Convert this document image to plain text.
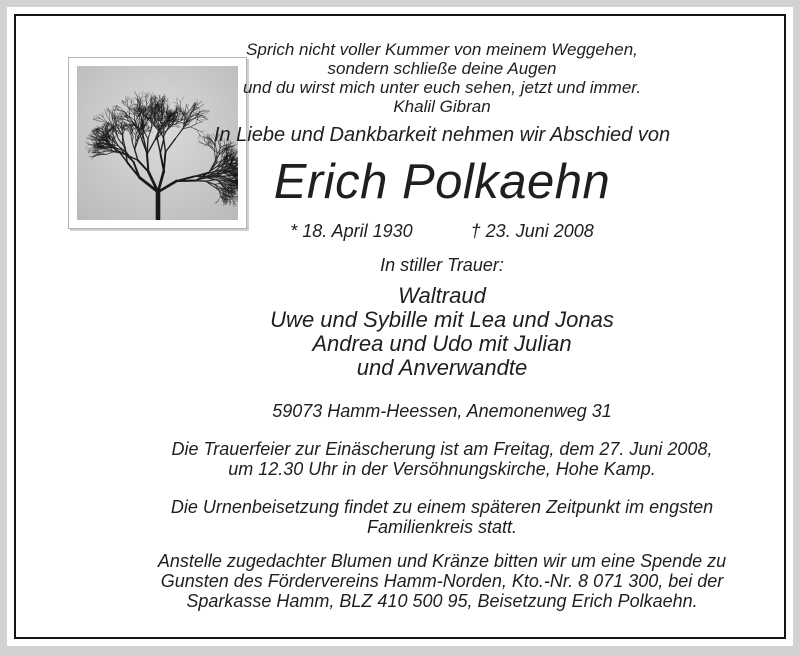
Sprich nicht voller Kummer von meinem Weggehen,
sondern schließe deine Augen
und du wirst mich unter euch sehen, jetzt und immer.
Khalil Gibran
In Liebe und Dankbarkeit nehmen wir Abschied von
Erich Polkaehn
* 18. April 1930	† 23. Juni 2008
In stiller Trauer:
Waltraud
Uwe und Sybille mit Lea und Jonas
Andrea und Udo mit Julian
und Anverwandte
59073 Hamm-Heessen, Anemonenweg 31
Die Trauerfeier zur Einäscherung ist am Freitag, dem 27. Juni 2008,
um 12.30 Uhr in der Versöhnungskirche, Hohe Kamp.
Die Urnenbeisetzung findet zu einem späteren Zeitpunkt im engsten
Familienkreis statt.
Anstelle zugedachter Blumen und Kränze bitten wir um eine Spende zu
Gunsten des Fördervereins Hamm-Norden, Kto.-Nr. 8 071 300, bei der
Sparkasse Hamm, BLZ 410 500 95, Beisetzung Erich Polkaehn.
